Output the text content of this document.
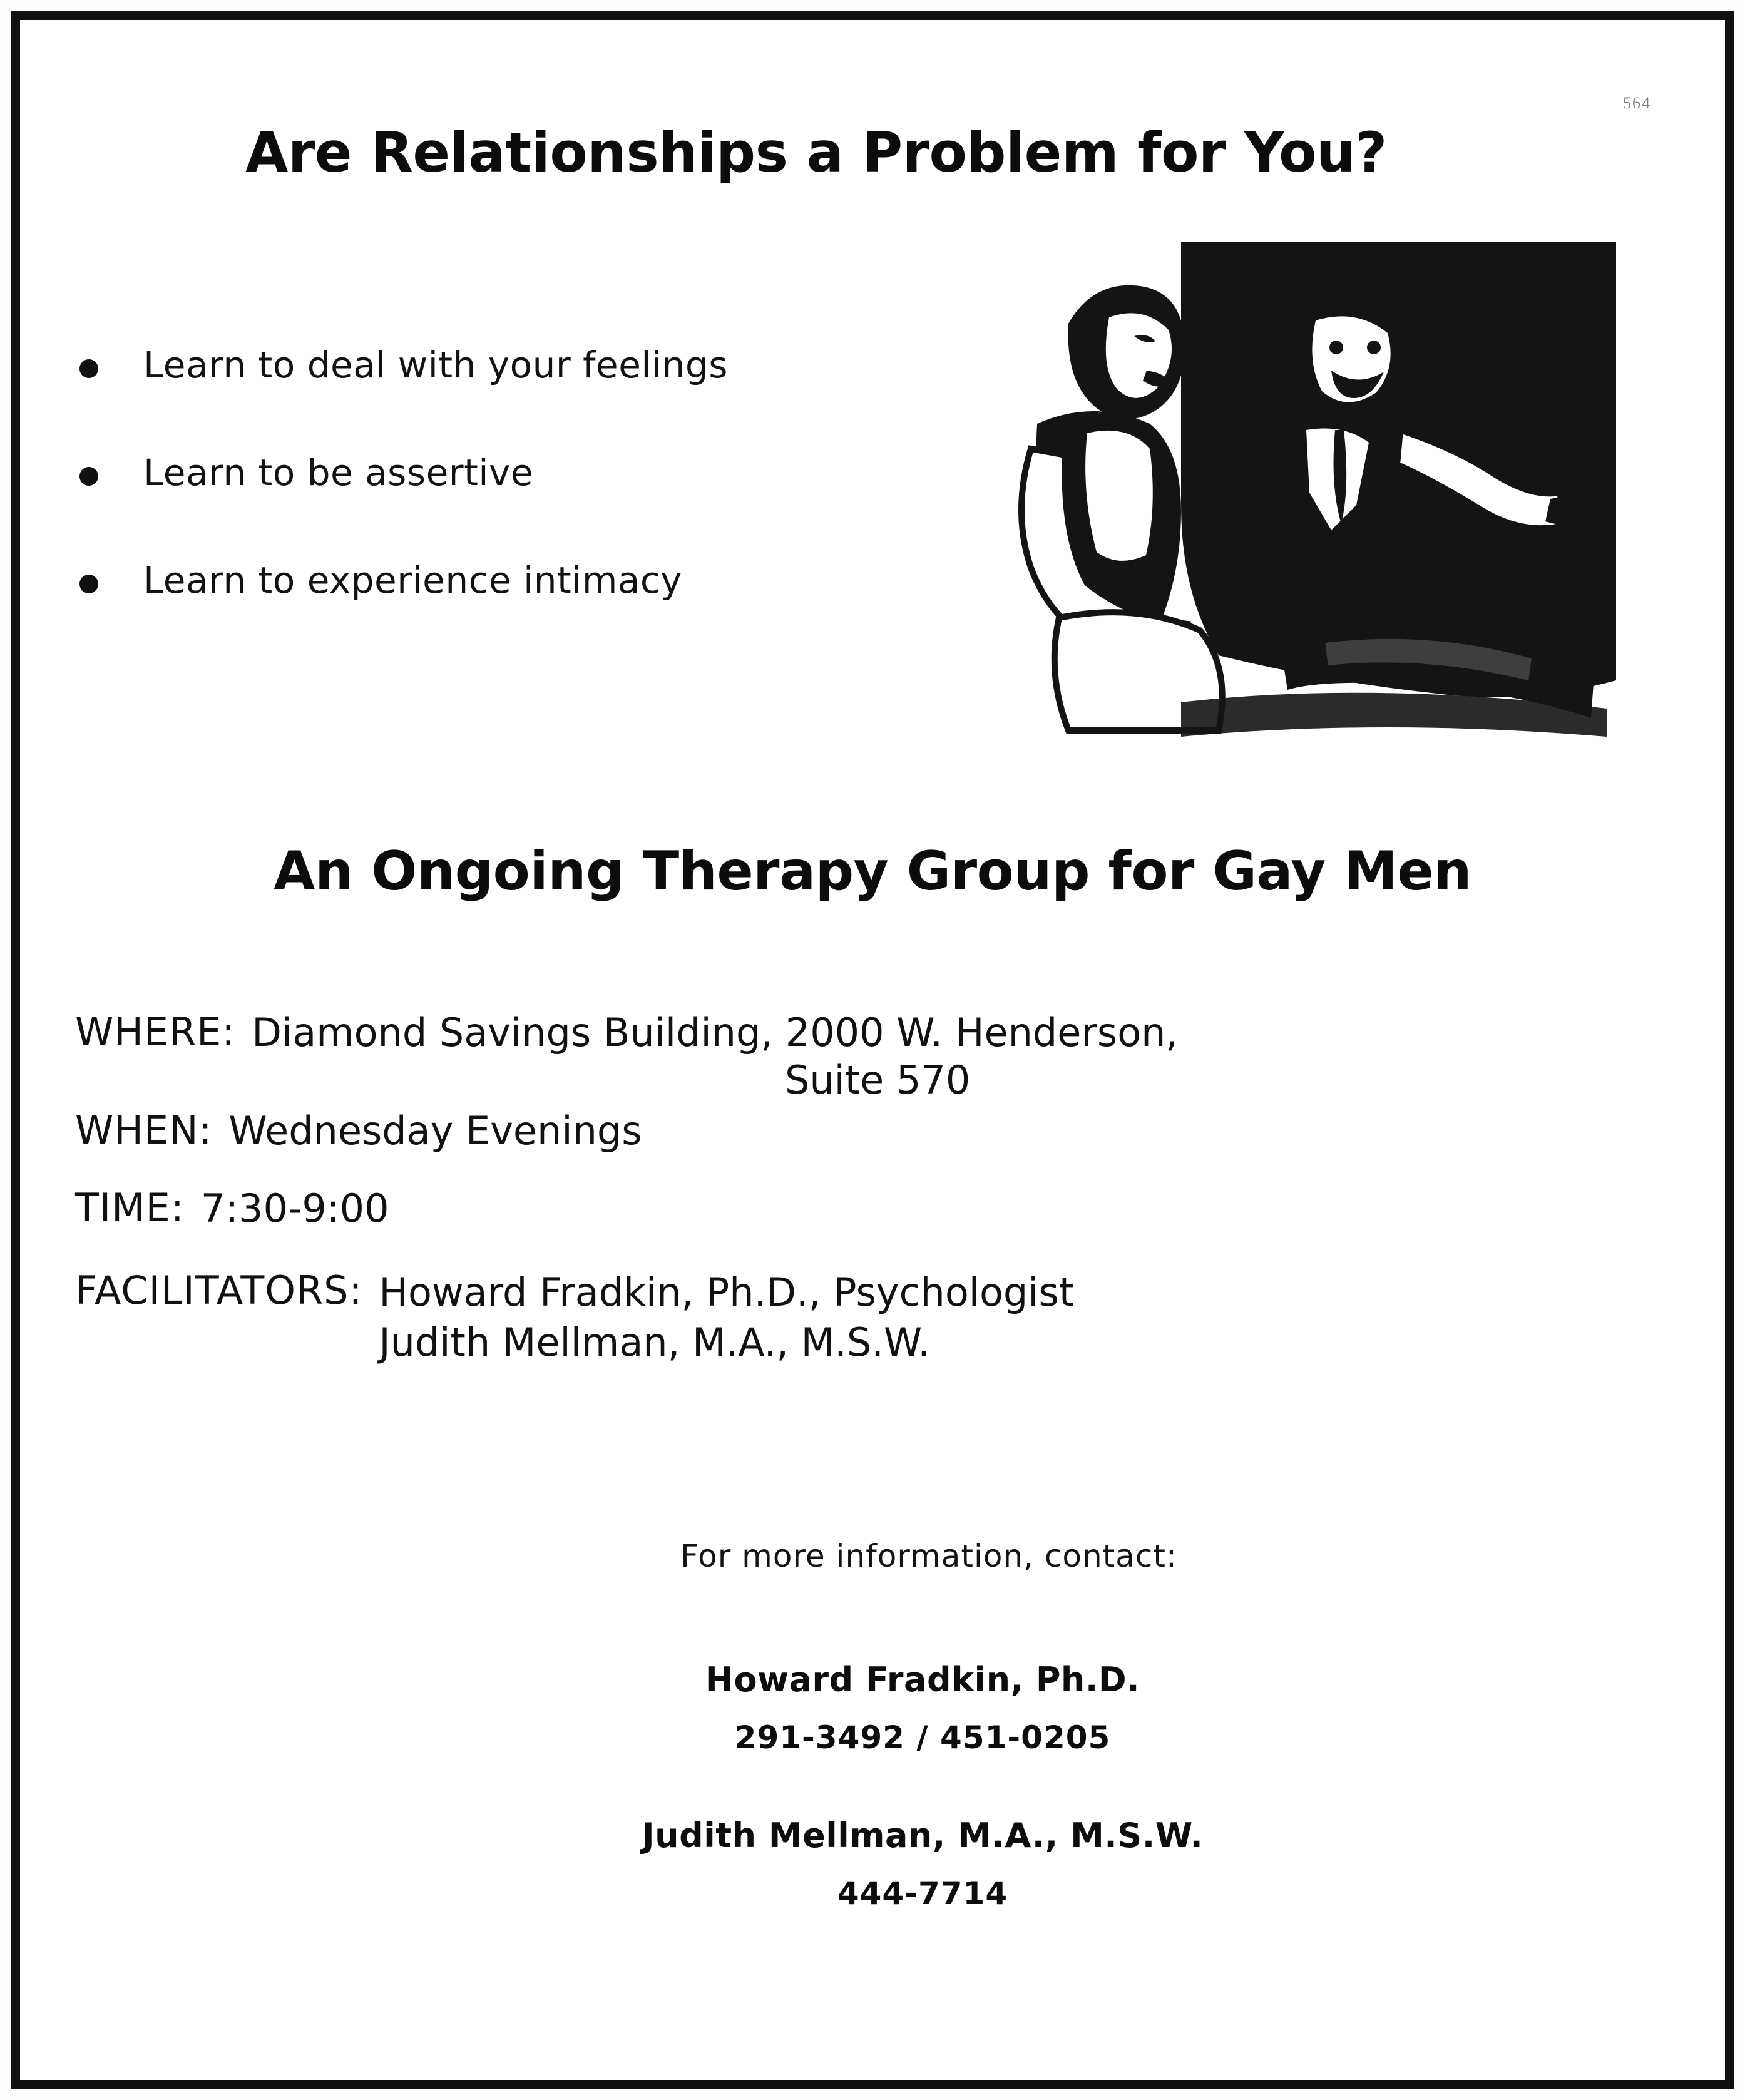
564
Are Relationships a Problem for You?
Learn to deal with your feelings
Learn to be assertive
Learn to experience intimacy
An Ongoing Therapy Group for Gay Men
WHERE: Diamond Savings Building, 2000 W. Henderson,
Suite 570
WHEN: Wednesday Evenings
TIME: 7:30-9:00
FACILITATORS: Howard Fradkin, Ph.D., Psychologist
Judith Mellman, M.A., M.S.W.
For more information, contact:
Howard Fradkin, Ph.D.
291-3492 / 451-0205
Judith Mellman, M.A., M.S.W.
444-7714
